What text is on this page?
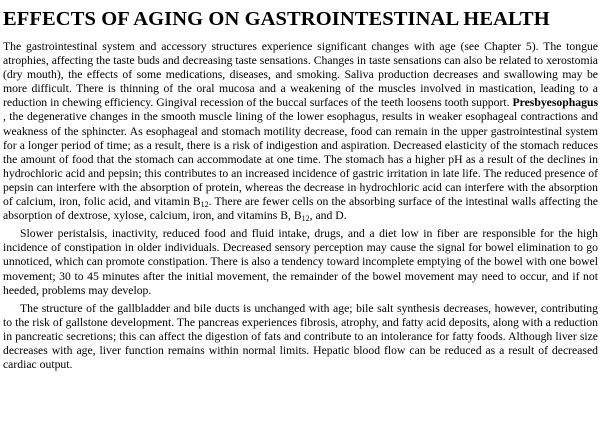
EFFECTS OF AGING ON GASTROINTESTINAL HEALTH

The gastrointestinal system and accessory structures experience significant changes with age (see Chapter 5). The tongue atrophies, affecting the taste buds and decreasing taste sensations. Changes in taste sensations can also be related to xerostomia (dry mouth), the effects of some medications, diseases, and smoking. Saliva production decreases and swallowing may be more difficult. There is thinning of the oral mucosa and a weakening of the muscles involved in mastication, leading to a reduction in chewing efficiency. Gingival recession of the buccal surfaces of the teeth loosens tooth support. Presbyesophagus , the degenerative changes in the smooth muscle lining of the lower esophagus, results in weaker esophageal contractions and weakness of the sphincter. As esophageal and stomach motility decrease, food can remain in the upper gastrointestinal system for a longer period of time; as a result, there is a risk of indigestion and aspiration. Decreased elasticity of the stomach reduces the amount of food that the stomach can accommodate at one time. The stomach has a higher pH as a result of the declines in hydrochloric acid and pepsin; this contributes to an increased incidence of gastric irritation in late life. The reduced presence of pepsin can interfere with the absorption of protein, whereas the decrease in hydrochloric acid can interfere with the absorption of calcium, iron, folic acid, and vitamin $B_{12}$. There are fewer cells on the absorbing surface of the intestinal walls affecting the absorption of dextrose, xylose, calcium, iron, and vitamins B, $B_{12}$, and D.

Slower peristalsis, inactivity, reduced food and fluid intake, drugs, and a diet low in fiber are responsible for the high incidence of constipation in older individuals. Decreased sensory perception may cause the signal for bowel elimination to go unnoticed, which can promote constipation. There is also a tendency toward incomplete emptying of the bowel with one bowel movement; 30 to 45 minutes after the initial movement, the remainder of the bowel movement may need to occur, and if not heeded, problems may develop.

The structure of the gallbladder and bile ducts is unchanged with age; bile salt synthesis decreases, however, contributing to the risk of gallstone development. The pancreas experiences fibrosis, atrophy, and fatty acid deposits, along with a reduction in pancreatic secretions; this can affect the digestion of fats and contribute to an intolerance for fatty foods. Although liver size decreases with age, liver function remains within normal limits. Hepatic blood flow can be reduced as a result of decreased cardiac output.
